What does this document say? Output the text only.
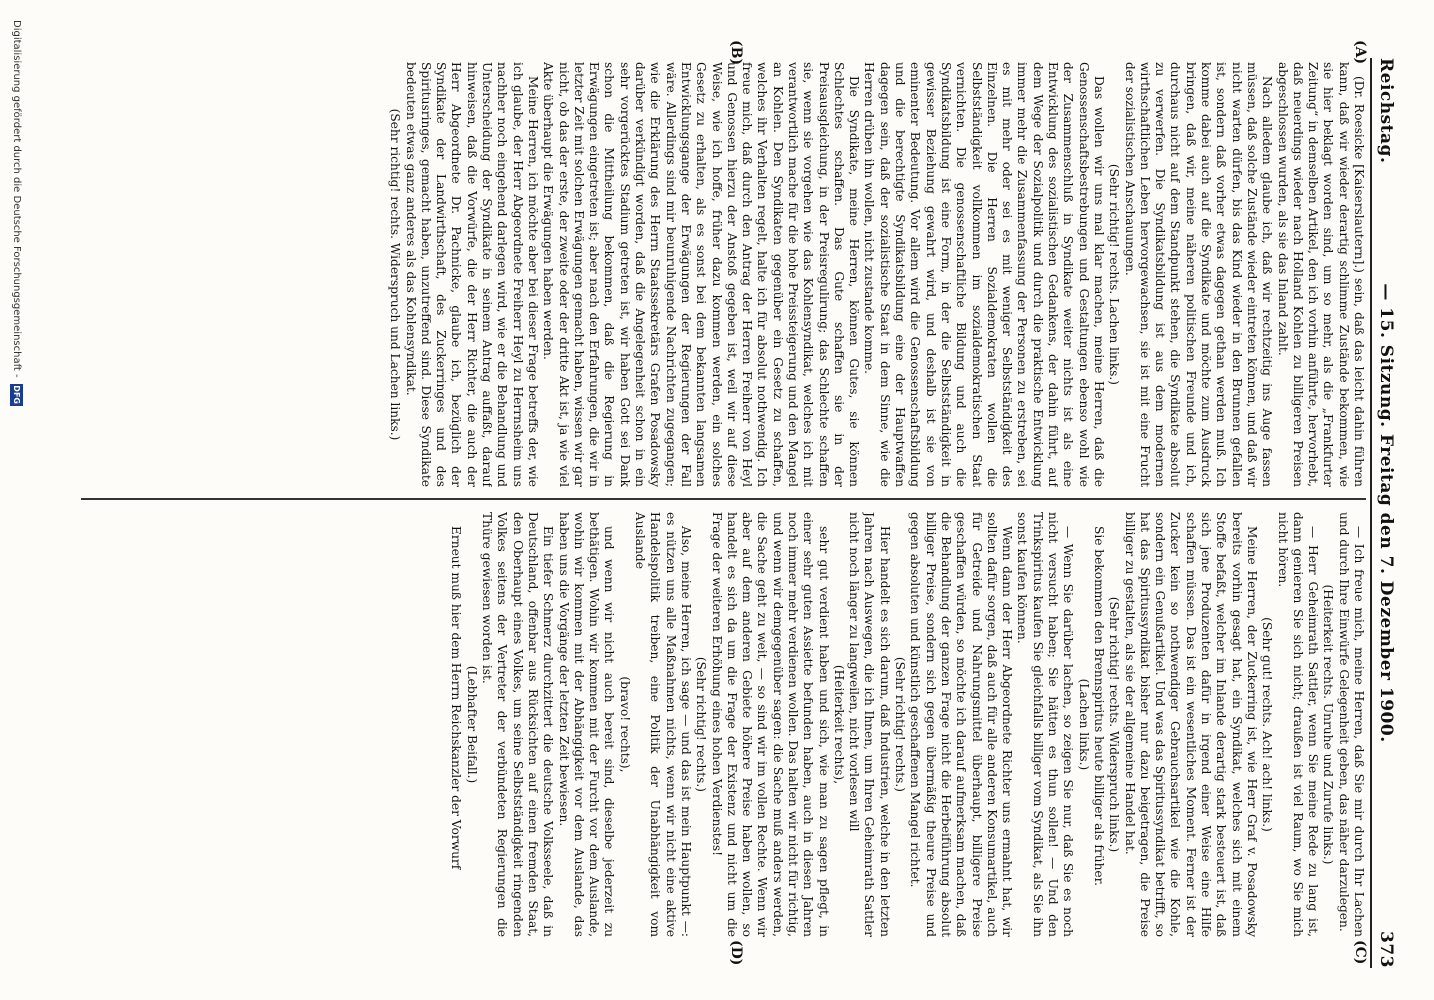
Reichstag.
— 15. Sitzung. Freitag den 7. Dezember 1900.
373
(A)
(B)
(C)
(D)

(Dr. Roesicke [Kaiserslautern].) sein, daß das leicht dahin führen kann, daß wir wieder derartig schlimme Zustände bekommen, wie sie hier beklagt worden sind, um so mehr, als die „Frankfurter Zeitung“ in demselben Artikel, den ich vorhin anführte, hervorhebt, daß neuerdings wieder nach Holland Kohlen zu billigeren Preisen abgeschlossen wurden, als sie das Inland zahlt.

Nach alledem glaube ich, daß wir rechtzeitig ins Auge fassen müssen, daß solche Zustände wieder eintreten können, und daß wir nicht warten dürfen, bis das Kind wieder in den Brunnen gefallen ist, sondern daß vorher etwas dagegen gethan werden muß. Ich komme dabei auch auf die Syndikate und möchte zum Ausdruck bringen, daß wir, meine näheren politischen Freunde und ich, durchaus nicht auf dem Standpunkt stehen, die Syndikate absolut zu verwerfen. Die Syndikatsbildung ist aus dem modernen wirthschaftlichen Leben hervorgewachsen, sie ist mit eine Frucht der sozialistischen Anschauungen.

(Sehr richtig! rechts. Lachen links.)

Das wollen wir uns mal klar machen, meine Herren, daß die Genossenschaftsbestrebungen und Gestaltungen ebenso wohl wie der Zusammenschluß in Syndikate weiter nichts ist als eine Entwicklung des sozialistischen Gedankens, der dahin führt, auf dem Wege der Sozialpolitik und durch die praktische Entwicklung immer mehr die Zusammenfassung der Personen zu erstreben, sei es mit mehr oder sei es mit weniger Selbstständigkeit des Einzelnen. Die Herren Sozialdemokraten wollen die Selbstständigkeit vollkommen im sozialdemokratischen Staat vernichten. Die genossenschaftliche Bildung und auch die Syndikatsbildung ist eine Form, in der die Selbstständigkeit in gewisser Beziehung gewahrt wird, und deshalb ist sie von eminenter Bedeutung. Vor allem wird die Genossenschaftsbildung und die berechtigte Syndikatsbildung eine der Hauptwaffen dagegen sein, daß der sozialistische Staat in dem Sinne, wie die Herren drüben ihn wollen, nicht zustande komme.

Die Syndikate, meine Herren, können Gutes, sie können Schlechtes schaffen. Das Gute schaffen sie in der Preisausgleichung, in der Preisregulirung; das Schlechte schaffen sie, wenn sie vorgehen wie das Kohlensyndikat, welches ich mit verantwortlich mache für die hohe Preissteigerung und den Mangel an Kohlen. Den Syndikaten gegenüber ein Gesetz zu schaffen, welches ihr Verhalten regelt, halte ich für absolut nothwendig. Ich freue mich, daß durch den Antrag der Herren Freiherr von Heyl und Genossen hierzu der Anstoß gegeben ist, weil wir auf diese Weise, wie ich hoffe, früher dazu kommen werden, ein solches Gesetz zu erhalten, als es sonst bei dem bekannten langsamen Entwicklungsgange der Erwägungen der Regierungen der Fall wäre. Allerdings sind mir beunruhigende Nachrichten zugegangen; wie die Erklärung des Herrn Staatssekretärs Grafen Posadowsky darüber verkündigt worden, daß die Angelegenheit schon in ein sehr vorgerücktes Stadium getreten ist, wir haben Gott sei Dank schon die Mittheilung bekommen, daß die Regierung in Erwägungen eingetreten ist; aber nach den Erfahrungen, die wir in letzter Zeit mit solchen Erwägungen gemacht haben, wissen wir gar nicht, ob das der erste, der zweite oder der dritte Akt ist, ja wie viel Akte überhaupt die Erwägungen haben werden.

Meine Herren, ich möchte aber bei dieser Frage betreffs der, wie ich glaube, der Herr Abgeordnete Freiherr Heyl zu Herrnsheim uns nachher noch eingehend darlegen wird, wie er die Behandlung und Unterscheidung der Syndikate in seinem Antrag auffaßt, darauf hinweisen, daß die Vorwürfe, die der Herr Richter, die auch der Herr Abgeordnete Dr. Pachnicke, glaube ich, bezüglich der Syndikate der Landwirthschaft, des Zuckerringes und des Spiritusringes, gemacht haben, unzutreffend sind. Diese Syndikate bedeuten etwas ganz anderes als das Kohlensyndikat.

(Sehr richtig! rechts. Widerspruch und Lachen links.)

— Ich freue mich, meine Herren, daß Sie mir durch Ihr Lachen und durch Ihre Einwürfe Gelegenheit geben, das näher darzulegen.

(Heiterkeit rechts. Unruhe und Zurufe links.)

— Herr Geheimrath Sattler, wenn Sie meine Rede zu lang ist, dann genieren Sie sich nicht; draußen ist viel Raum, wo Sie mich nicht hören.

(Sehr gut! rechts. Ach! ach! links.)

Meine Herren, der Zuckerring ist, wie Herr Graf v. Posadowsky bereits vorhin gesagt hat, ein Syndikat, welches sich mit einem Stoffe befaßt, welcher im Inlande derartig stark besteuert ist, daß sich jene Produzenten dafür in irgend einer Weise eine Hilfe schaffen müssen. Das ist ein wesentliches Moment. Ferner ist der Zucker kein so nothwendiger Gebrauchsartikel wie die Kohle, sondern ein Genußartikel. Und was das Spiritussyndikat betrifft, so hat das Spiritussyndikat bisher nur dazu beigetragen, die Preise billiger zu gestalten, als sie der allgemeine Handel hat.

(Sehr richtig! rechts. Widerspruch links.)

Sie bekommen den Brennspiritus heute billiger als früher.

(Lachen links.)

— Wenn Sie darüber lachen, so zeigen Sie nur, daß Sie es noch nicht versucht haben; Sie hätten es thun sollen! — Und den Trinkspiritus kaufen Sie gleichfalls billiger vom Syndikat, als Sie ihn sonst kaufen können.

Wenn dann der Herr Abgeordnete Richter uns ermahnt hat, wir sollten dafür sorgen, daß auch für alle anderen Konsumartikel, auch für Getreide und Nahrungsmittel überhaupt, billigere Preise geschaffen würden, so möchte ich darauf aufmerksam machen, daß die Behandlung der ganzen Frage nicht die Herbeiführung absolut billiger Preise, sondern sich gegen übermäßig theure Preise und gegen absoluten und künstlich geschaffenen Mangel richtet.

(Sehr richtig! rechts.)

Hier handelt es sich darum, daß Industrien, welche in den letzten Jahren nach Auswegen, die ich Ihnen, um Ihren Geheimrath Sattler nicht noch länger zu langweilen, nicht vorlesen will

(Heiterkeit rechts),

sehr gut verdient haben und sich, wie man zu sagen pflegt, in einer sehr guten Assiette befunden haben, auch in diesen Jahren noch immer mehr verdienen wollen. Das halten wir nicht für richtig, und wenn wir demgegenüber sagen: die Sache muß anders werden, die Sache geht zu weit, — so sind wir im vollen Rechte. Wenn wir aber auf dem anderen Gebiete höhere Preise haben wollen, so handelt es sich da um die Frage der Existenz und nicht um die Frage der weiteren Erhöhung eines hohen Verdienstes!

(Sehr richtig! rechts.)

Also, meine Herren, ich sage — und das ist mein Hauptpunkt —: es nützen uns alle Maßnahmen nichts, wenn wir nicht eine aktive Handelspolitik treiben, eine Politik der Unabhängigkeit vom Auslande

(bravo! rechts),

und wenn wir nicht auch bereit sind, dieselbe jederzeit zu bethätigen. Wohin wir kommen mit der Furcht vor dem Auslande, wohin wir kommen mit der Abhängigkeit vor dem Auslande, das haben uns die Vorgänge der letzten Zeit bewiesen.

Ein tiefer Schmerz durchzittert die deutsche Volksseele, daß in Deutschland, offenbar aus Rücksichten auf einen fremden Staat, den Oberhaupt eines Volkes, um seine Selbstständigkeit ringenden Volkes seitens der Vertreter der verbündeten Regierungen die Thüre gewiesen worden ist.

(Lebhafter Beifall.)

Erneut muß hier dem Herrn Reichskanzler der Vorwurf

Digitalisierung gefördert durch die Deutsche Forschungsgemeinschaft -
DFG
